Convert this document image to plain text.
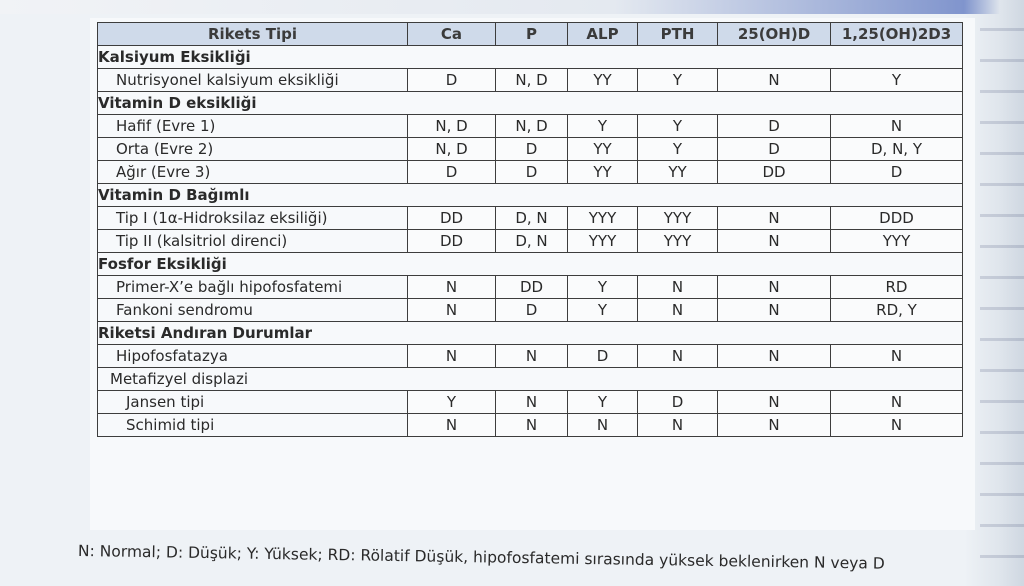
Rikets Tipi	Ca	P	ALP	PTH	25(OH)D	1,25(OH)2D3
Kalsiyum Eksikliği						
Nutrisyonel kalsiyum eksikliği	D	N, D	YY	Y	N	Y
Vitamin D eksikliği						
Hafif (Evre 1)	N, D	N, D	Y	Y	D	N
Orta (Evre 2)	N, D	D	YY	Y	D	D, N, Y
Ağır (Evre 3)	D	D	YY	YY	DD	D
Vitamin D Bağımlı						
Tip I (1α-Hidroksilaz eksiliği)	DD	D, N	YYY	YYY	N	DDD
Tip II (kalsitriol direnci)	DD	D, N	YYY	YYY	N	YYY
Fosfor Eksikliği						
Primer-X’e bağlı hipofosfatemi	N	DD	Y	N	N	RD
Fankoni sendromu	N	D	Y	N	N	RD, Y
Riketsi Andıran Durumlar						
Hipofosfatazya	N	N	D	N	N	N
Metafizyel displazi						
Jansen tipi	Y	N	Y	D	N	N
Schimid tipi	N	N	N	N	N	N
N: Normal; D: Düşük; Y: Yüksek; RD: Rölatif Düşük, hipofosfatemi sırasında yüksek beklenirken N veya D
